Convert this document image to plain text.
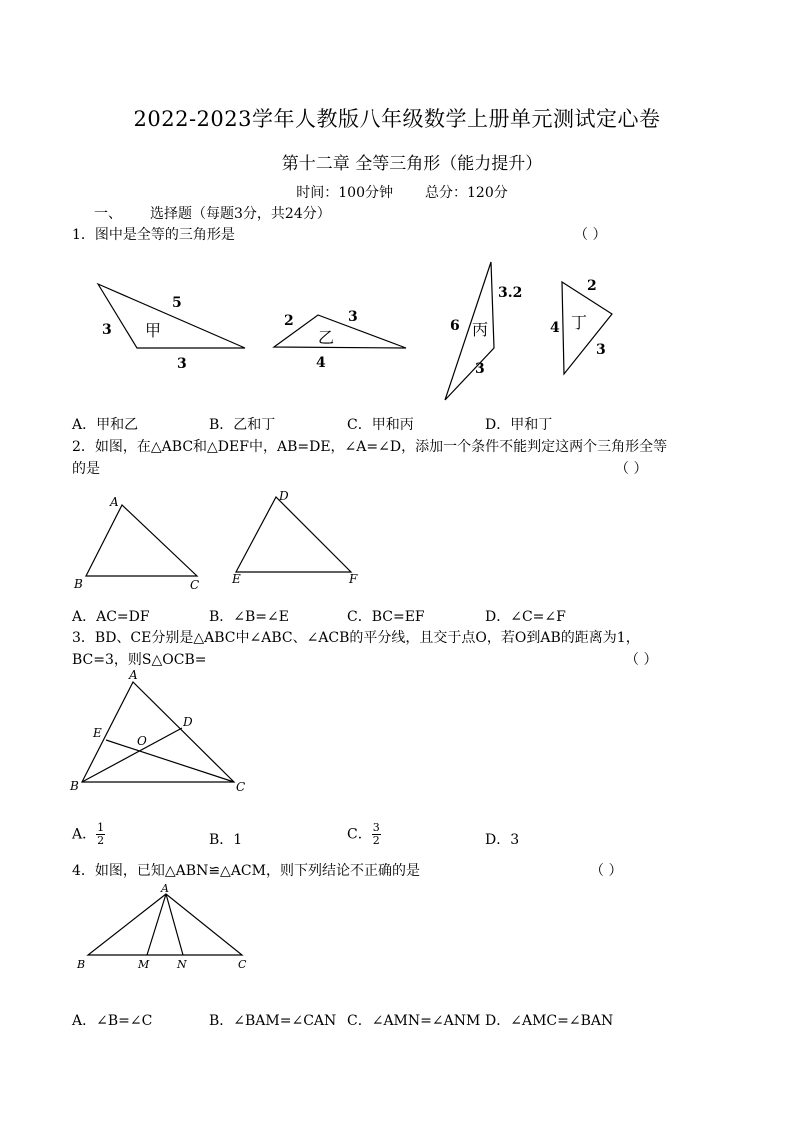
2022-2023学年人教版八年级数学上册单元测试定心卷
第十二章 全等三角形（能力提升）
时间：100分钟 总分：120分
一、 选择题（每题3分，共24分）
1．图中是全等的三角形是	（ ）
5
3
3
2	3
4
3.2
6
3
2
4
3
甲	乙	丙	丁
A
B	C
D
E	F
A
B	C
D
E
O
A
B	M	N	C
A．甲和乙	B．乙和丁	C．甲和丙	D．甲和丁
2．如图，在△ABC和△DEF中，AB=DE，∠A=∠D，添加一个条件不能判定这两个三角形全等
的是	（ ）
A．AC=DF	B．∠B=∠E	C．BC=EF	D．∠C=∠F
3．BD、CE分别是△ABC中∠ABC、∠ACB的平分线，且交于点O，若O到AB的距离为1，
BC=3，则S△OCB=	（ ）
A． $\frac{1}{2}$	B．1	C． $\frac{3}{2}$	D．3
4．如图，已知△ABN≌△ACM，则下列结论不正确的是	（ ）
A．∠B=∠C	B．∠BAM=∠CAN C．∠AMN=∠ANM D．∠AMC=∠BAN
